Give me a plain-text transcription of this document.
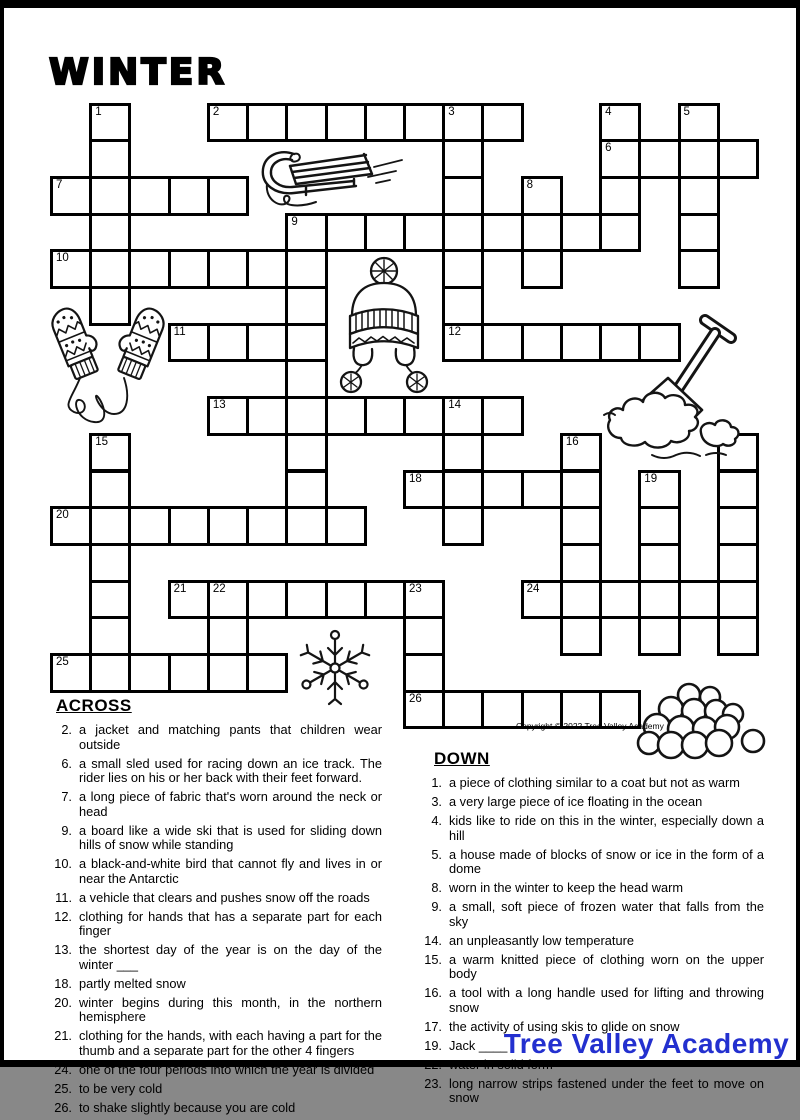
WINTER
2	3
6
7
9
10
11	12
13	14
18
20
21	22	23	24
25
26
1	4	5
8
15	16
19
ACROSS
2. a jacket and matching pants that children wear outside
6. a small sled used for racing down an ice track. The rider lies on his or her back with their feet forward.
7. a long piece of fabric that's worn around the neck or head
9. a board like a wide ski that is used for sliding down hills of snow while standing
10. a black-and-white bird that cannot fly and lives in or near the Antarctic
11. a vehicle that clears and pushes snow off the roads
12. clothing for hands that has a separate part for each finger
13. the shortest day of the year is on the day of the winter ___
18. partly melted snow
20. winter begins during this month, in the northern hemisphere
21. clothing for the hands, with each having a part for the thumb and a separate part for the other 4 fingers
24. one of the four periods into which the year is divided
25. to be very cold
26. to shake slightly because you are cold
DOWN
1. a piece of clothing similar to a coat but not as warm
3. a very large piece of ice floating in the ocean
4. kids like to ride on this in the winter, especially down a hill
5. a house made of blocks of snow or ice in the form of a dome
8. worn in the winter to keep the head warm
9. a small, soft piece of frozen water that falls from the sky
14. an unpleasantly low temperature
15. a warm knitted piece of clothing worn on the upper body
16. a tool with a long handle used for lifting and throwing snow
17. the activity of using skis to glide on snow
19. Jack ____
22. water in solid form
23. long narrow strips fastened under the feet to move on snow
Copyright © 2022 Tree Valley Academy
Tree Valley Academy
